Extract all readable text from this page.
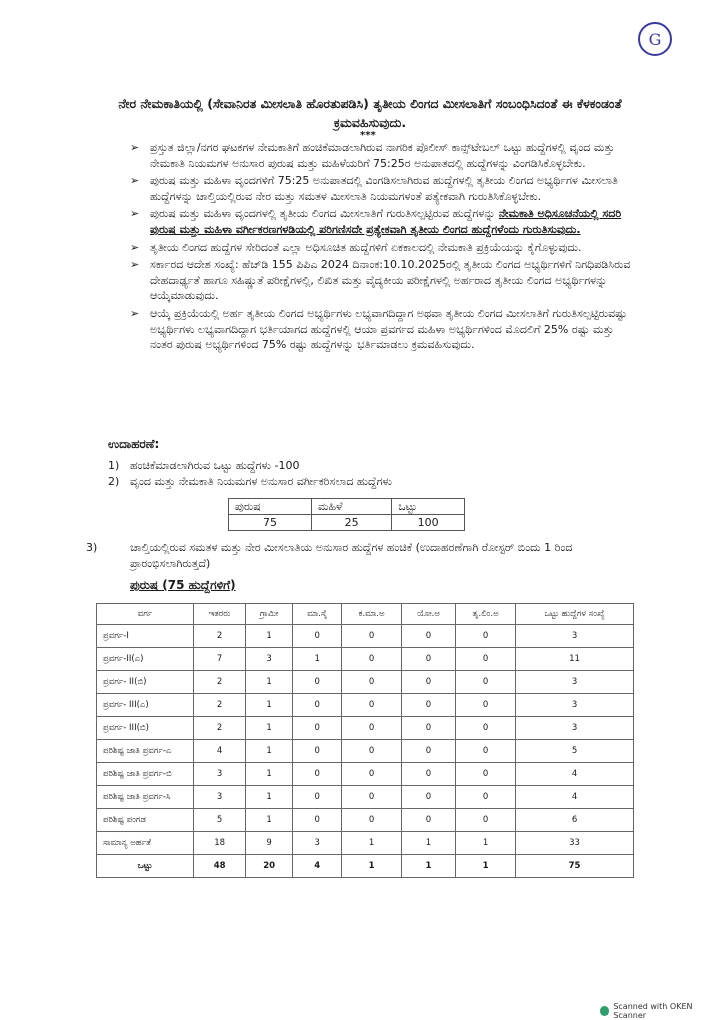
G
ನೇರ ನೇಮಕಾತಿಯಲ್ಲಿ (ಸೇವಾನಿರತ ಮೀಸಲಾತಿ ಹೊರತುಪಡಿಸಿ) ತೃತೀಯ ಲಿಂಗದ ಮೀಸಲಾತಿಗೆ ಸಂಬಂಧಿಸಿದಂತೆ ಈ ಕೆಳಕಂಡಂತೆ ಕ್ರಮವಹಿಸುವುದು.
***
➢ ಪ್ರಸ್ತುತ ಜಿಲ್ಲಾ/ನಗರ ಘಟಕಗಳ ನೇಮಕಾತಿಗೆ ಹಂಚಿಕೆಮಾಡಲಾಗಿರುವ ನಾಗರಿಕ ಪೊಲೀಸ್ ಕಾನ್ಸ್‌ಟೇಬಲ್ ಒಟ್ಟು ಹುದ್ದೆಗಳಲ್ಲಿ ವೃಂದ ಮತ್ತು ನೇಮಕಾತಿ ನಿಯಮಗಳ ಅನುಸಾರ ಪುರುಷ ಮತ್ತು ಮಹಿಳೆಯರಿಗೆ 75:25ರ ಅನುಪಾತದಲ್ಲಿ ಹುದ್ದೆಗಳನ್ನು ವಿಂಗಡಿಸಿಕೊಳ್ಳಬೇಕು.
➢ ಪುರುಷ ಮತ್ತು ಮಹಿಳಾ ವೃಂದಗಳಿಗೆ 75:25 ಅನುಪಾತದಲ್ಲಿ ವಿಂಗಡಿಸಲಾಗಿರುವ ಹುದ್ದೆಗಳಲ್ಲಿ ತೃತೀಯ ಲಿಂಗದ ಅಭ್ಯರ್ಥಿಗಳ ಮೀಸಲಾತಿ ಹುದ್ದೆಗಳನ್ನು ಚಾಲ್ತಿಯಲ್ಲಿರುವ ನೇರ ಮತ್ತು ಸಮತಳ ಮೀಸಲಾತಿ ನಿಯಮಗಳಂತೆ ಪತ್ಯೇಕವಾಗಿ ಗುರುತಿಸಿಕೊಳ್ಳಬೇಕು.
➢ ಪುರುಷ ಮತ್ತು ಮಹಿಳಾ ವೃಂದಗಳಲ್ಲಿ ತೃತೀಯ ಲಿಂಗದ ಮೀಸಲಾತಿಗೆ ಗುರುತಿಸಲ್ಪಟ್ಟಿರುವ ಹುದ್ದೆಗಳನ್ನು ನೇಮಕಾತಿ ಅಧಿಸೂಚನೆಯಲ್ಲಿ ಸದರಿ ಪುರುಷ ಮತ್ತು ಮಹಿಳಾ ವರ್ಗೀಕರಣಗಳಡಿಯಲ್ಲಿ ಪರಿಗಣಿಸದೇ ಪ್ರತ್ಯೇಕವಾಗಿ ತೃತೀಯ ಲಿಂಗದ ಹುದ್ದೆಗಳೆಂದು ಗುರುತಿಸುವುದು.
➢ ತೃತೀಯ ಲಿಂಗದ ಹುದ್ದೆಗಳ ಸೇರಿದಂತೆ ಎಲ್ಲಾ ಅಧಿಸೂಚಿತ ಹುದ್ದೆಗಳಿಗೆ ಏಕಕಾಲದಲ್ಲಿ ನೇಮಕಾತಿ ಪ್ರಕ್ರಿಯೆಯನ್ನು ಕೈಗೊಳ್ಳುವುದು.
➢ ಸರ್ಕಾರದ ಆದೇಶ ಸಂಖ್ಯೆ: ಹೆಚ್‌ಡಿ 155 ಪಿಪಿಎ 2024 ದಿನಾಂಕ:10.10.2025ರಲ್ಲಿ ತೃತೀಯ ಲಿಂಗದ ಅಭ್ಯರ್ಥಿಗಳಿಗೆ ನಿಗಧಿಪಡಿಸಿರುವ ದೇಹದಾರ್ಢ್ಯತೆ ಹಾಗೂ ಸಹಿಷ್ಣುತೆ ಪರೀಕ್ಷೆಗಳಲ್ಲಿ, ಲಿಖಿತ ಮತ್ತು ವೈದ್ಯಕೀಯ ಪರೀಕ್ಷೆಗಳಲ್ಲಿ ಅರ್ಹರಾದ ತೃತೀಯ ಲಿಂಗದ ಅಭ್ಯರ್ಥಿಗಳನ್ನು ಆಯ್ಕೆಮಾಡುವುದು.
➢ ಆಯ್ಕೆ ಪ್ರಕ್ರಿಯೆಯಲ್ಲಿ ಅರ್ಹ ತೃತೀಯ ಲಿಂಗದ ಅಭ್ಯರ್ಥಿಗಳು ಲಭ್ಯವಾಗದಿದ್ದಾಗ ಅಥವಾ ತೃತೀಯ ಲಿಂಗದ ಮೀಸಲಾತಿಗೆ ಗುರುತಿಸಲ್ಪಟ್ಟಿರುವಷ್ಟು ಅಭ್ಯರ್ಥಿಗಳು ಲಭ್ಯವಾಗದಿದ್ದಾಗ ಭರ್ತಿಯಾಗದ ಹುದ್ದೆಗಳಲ್ಲಿ ಆಯಾ ಪ್ರವರ್ಗದ ಮಹಿಳಾ ಅಭ್ಯರ್ಥಿಗಳಿಂದ ಮೊದಲಿಗೆ 25% ರಷ್ಟು ಮತ್ತು ನಂತರ ಪುರುಷ ಅಭ್ಯರ್ಥಿಗಳಿಂದ 75% ರಷ್ಟು ಹುದ್ದೆಗಳನ್ನು ಭರ್ತಿಮಾಡಲು ಕ್ರಮವಹಿಸುವುದು.
ಉದಾಹರಣೆ:
1) ಹಂಚಿಕೆಮಾಡಲಾಗಿರುವ ಒಟ್ಟು ಹುದ್ದೆಗಳು -100
2) ವೃಂದ ಮತ್ತು ನೇಮಕಾತಿ ನಿಯಮಗಳ ಅನುಸಾರ ವರ್ಗೀಕರಿಸಲಾದ ಹುದ್ದೆಗಳು
ಪುರುಷ	ಮಹಿಳೆ	ಒಟ್ಟು
75	25	100
3)	ಚಾಲ್ತಿಯಲ್ಲಿರುವ ಸಮತಳ ಮತ್ತು ನೇರ ಮೀಸಲಾತಿಯ ಅನುಸಾರ ಹುದ್ದೆಗಳ ಹಂಚಿಕೆ (ಉದಾಹರಣೆಗಾಗಿ ರೋಸ್ಟರ್ ಬಿಂದು 1 ರಿಂದ ಪ್ರಾರಂಭಿಸಲಾಗಿರುತ್ತದೆ)
ಪುರುಷ (75 ಹುದ್ದೆಗಳಿಗೆ)
ವರ್ಗ	ಇತರರು	ಗ್ರಾಮೀ	ಮಾ.ಸೈ	ಕ.ಮಾ.ಅ	ಯೋ.ಅ	ತೃ.ಲಿಂ.ಅ	ಒಟ್ಟು ಹುದ್ದೆಗಳ ಸಂಖ್ಯೆ
ಪ್ರವರ್ಗ-I	2	1	0	0	0	0	3
ಪ್ರವರ್ಗ-II(ಎ)	7	3	1	0	0	0	11
ಪ್ರವರ್ಗ- II(ಬಿ)	2	1	0	0	0	0	3
ಪ್ರವರ್ಗ- III(ಎ)	2	1	0	0	0	0	3
ಪ್ರವರ್ಗ- III(ಬಿ)	2	1	0	0	0	0	3
ಪರಿಶಿಷ್ಟ ಜಾತಿ ಪ್ರವರ್ಗ-ಎ	4	1	0	0	0	0	5
ಪರಿಶಿಷ್ಟ ಜಾತಿ ಪ್ರವರ್ಗ-ಬಿ	3	1	0	0	0	0	4
ಪರಿಶಿಷ್ಟ ಜಾತಿ ಪ್ರವರ್ಗ-ಸಿ	3	1	0	0	0	0	4
ಪರಿಶಿಷ್ಟ ಪಂಗಡ	5	1	0	0	0	0	6
ಸಾಮಾನ್ಯ ಅರ್ಹತೆ	18	9	3	1	1	1	33
ಒಟ್ಟು	48	20	4	1	1	1	75
Scanned with OKEN Scanner
